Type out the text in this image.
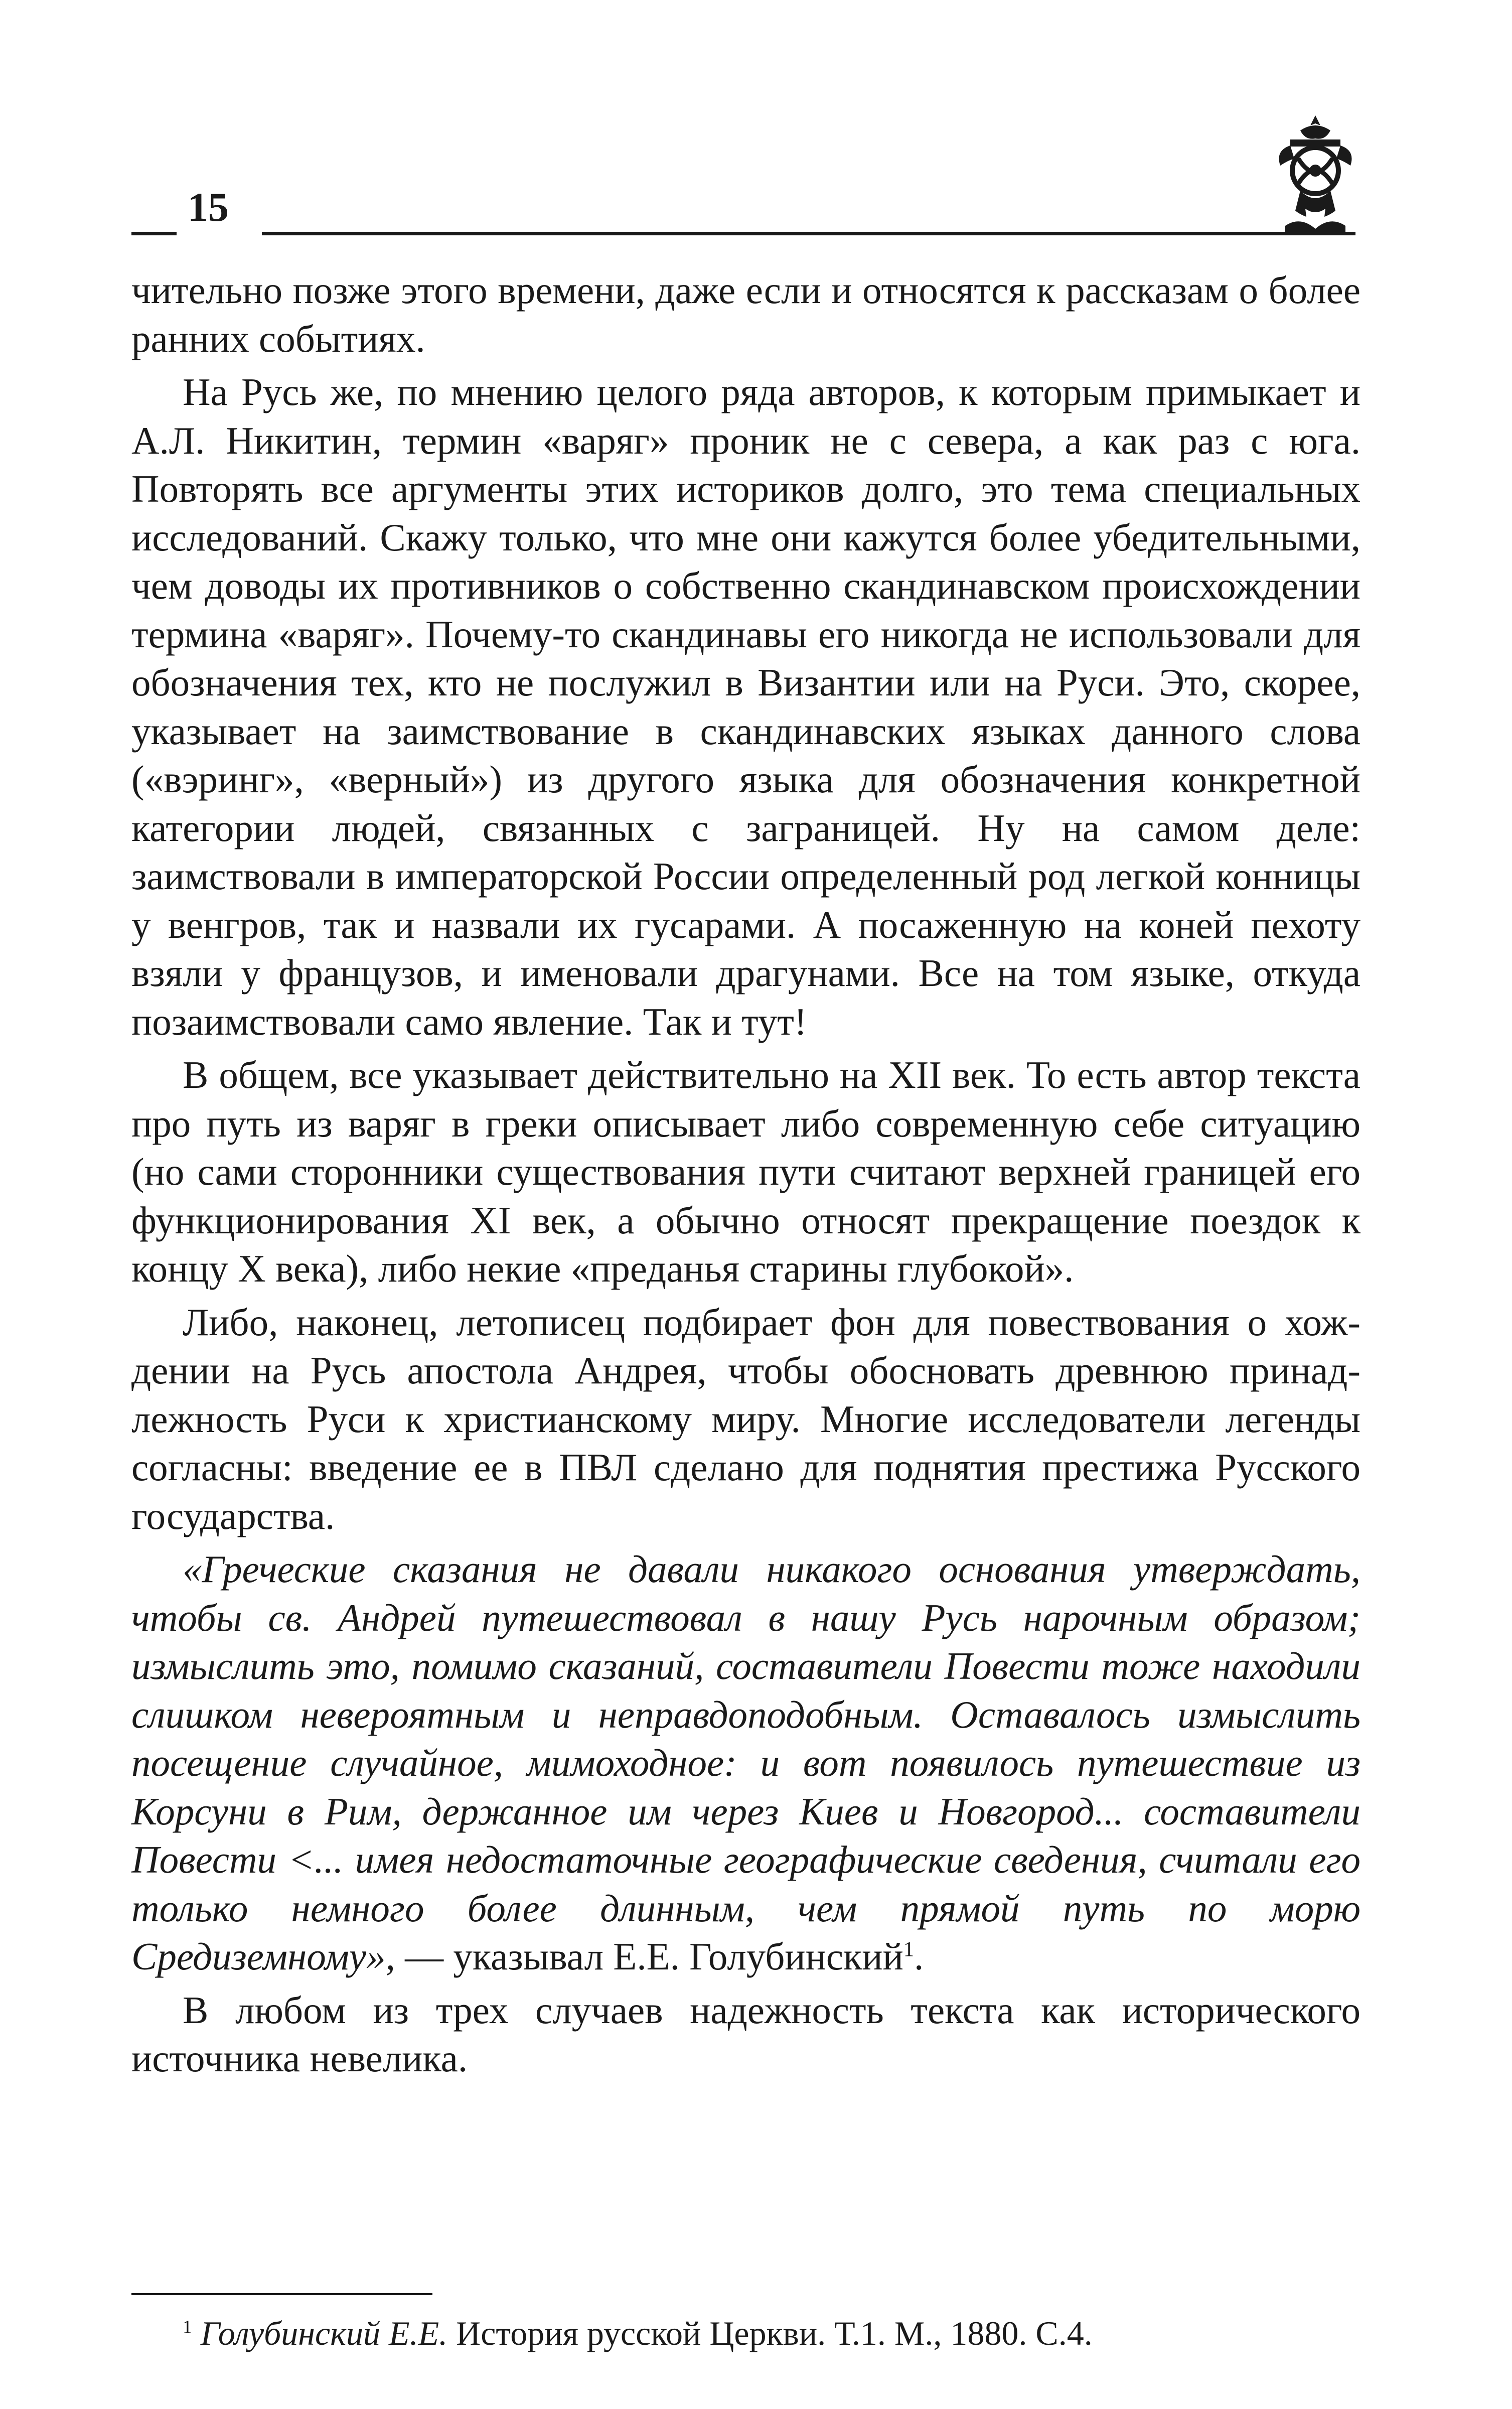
15

чительно позже этого времени, даже если и относятся к рассказам о более ранних событиях.

На Русь же, по мнению целого ряда авторов, к которым примыкает и А.Л. Никитин, термин «варяг» проник не с севера, а как раз с юга. Повторять все аргументы этих историков долго, это тема специальных исследований. Скажу только, что мне они кажутся более убедительными, чем доводы их противников о собственно скандинавском происхождении термина «варяг». Почему-то скандинавы его никогда не использовали для обозначения тех, кто не послужил в Византии или на Руси. Это, скорее, указывает на заимствование в скандинавских языках данного слова («вэринг», «верный») из другого языка для обозначения конкретной категории людей, связанных с заграницей. Ну на самом деле: заимствовали в императорской России определенный род легкой конницы у венгров, так и назвали их гусарами. А посаженную на коней пехоту взяли у французов, и именовали драгунами. Все на том языке, откуда позаимствовали само явление. Так и тут!

В общем, все указывает действительно на XII век. То есть автор текста про путь из варяг в греки описывает либо современную себе ситуацию (но сами сторонники существования пути считают верхней границей его функционирования XI век, а обычно относят прекращение поездок к концу X века), либо некие «преданья старины глубокой».

Либо, наконец, летописец подбирает фон для повествования о хождении на Русь апостола Андрея, чтобы обосновать древнюю принадлежность Руси к христианскому миру. Многие исследователи легенды согласны: введение ее в ПВЛ сделано для поднятия престижа Русского государства.

«Греческие сказания не давали никакого основания утверждать, чтобы св. Андрей путешествовал в нашу Русь нарочным образом; измыслить это, помимо сказаний, составители Повести тоже находили слишком невероятным и неправдоподобным. Оставалось измыслить посещение случайное, мимоходное: и вот появилось путешествие из Корсуни в Рим, держанное им через Киев и Новгород... составители Повести <... имея недостаточные географические сведения, считали его только немного более длинным, чем прямой путь по морю Средиземному», — указывал Е.Е. Голубинский$^1$.

В любом из трех случаев надежность текста как исторического источника невелика.

$^1$ Голубинский Е.Е. История русской Церкви. Т.1. М., 1880. С.4.
